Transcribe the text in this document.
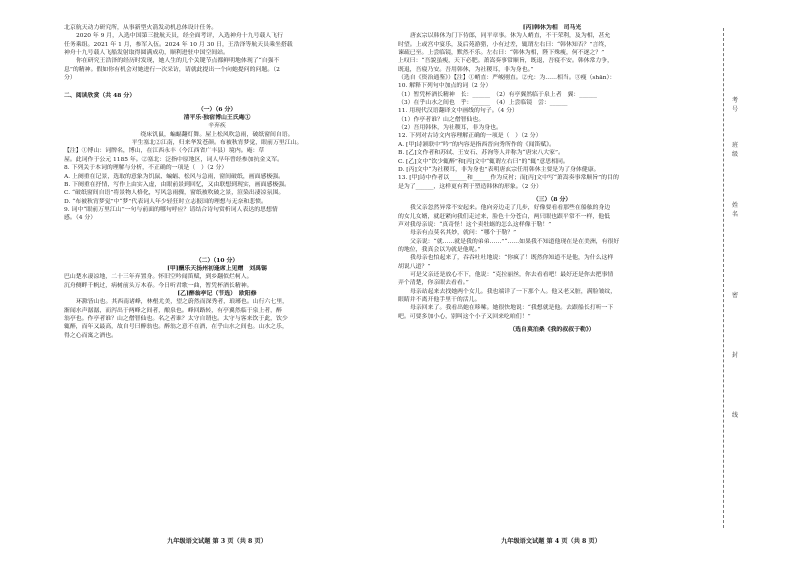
北京航天动力研究所，从事新型火箭发动机总体设计任务。
2020 年 9 月，入选中国第三批航天员，经全面考评，入选神舟十九号载人飞行
任务乘组。2021 年 1 月，参军入伍。2024 年 10 月 30 日，王浩泽等航天员乘坐搭载
神舟十九号载人飞船发射取得圆满成功，顺利进驻中国空间站。
你在研究王浩泽的经历时发现，她人生的几个关键节点都鲜明地体现了“自强不
息”的精神。假如你有机会对她进行一次采访，请就此提出一个向她提问的问题。（2
分）
二、阅读欣赏（共 48 分）
（一）（6 分）
清平乐·独宿博山王氏庵①
辛弃疾
绕床饥鼠，蝙蝠翻灯舞。屋上松风吹急雨，破纸窗间自语。
平生塞北②江南，归来华发苍颜。布被秋宵梦觉，眼前万里江山。
【注】①博山：词牌名，博山，在江西永丰（今江西省广丰县）境内。庵：草
屋。此词作于公元 1185 年。②塞北：泛指中原地区，词人早年曾经参加抗金义军。
8. 下列关于本词的理解与分析，不正确的一项是（　）（2 分）
A. 上阕重在记景，选取的意象为饥鼠、蝙蝠、松风与急雨，窗间破纸，画面感极强。
B. 下阕重在抒情，写作上由实入虚，由眼前景到回忆，又由联想到现实，画面感极强。
C. “破纸窗间自语”将景物人格化，写风急雨骤，窗纸被吹破之景，渲染出凄凉氛围。
D. “布被秋宵梦觉”中“梦”代表词人年少轻狂时立志报国的理想与无奈和悲愤。
9. 词中“眼前万里江山”一句与前面的哪句呼应？请结合诗句赏析词人表达的思想情
感。（4 分）
（二）（10 分）
[甲]酬乐天扬州初逢席上见赠　刘禹锡
巴山楚水凄凉地，二十三年弃置身。怀旧空吟闻笛赋，到乡翻似烂柯人。
沉舟侧畔千帆过，病树前头万木春。今日听君歌一曲，暂凭杯酒长精神。
[乙]醉翁亭记（节选）　欧阳修
环滁皆山也。其西南诸峰，林壑尤美，望之蔚然而深秀者，琅琊也。山行六七里，
渐闻水声潺潺，而泻出于两峰之间者，酿泉也。峰回路转，有亭翼然临于泉上者，醉
翁亭也。作亭者谁？山之僧智仙也。名之者谁？太守自谓也。太守与客来饮于此，饮少
辄醉，而年又最高，故自号曰醉翁也。醉翁之意不在酒，在乎山水之间也。山水之乐，
得之心而寓之酒也。
九年级语文试题 第 3 页（共 8 页）
[丙]韩休为相　司马光
唐玄宗以韩休为门下侍郎，同平章事。休为人峭直，不干荣利，及为相，甚允
时望。上或宫中宴乐，及后苑游猎，小有过差，辄谓左右曰：“韩休知否？”言终，
谏疏已至。上尝临镜，默然不乐。左右曰：“韩休为相，陛下殊瘦，何不逐之？”
上叹曰：“吾貌虽瘦，天下必肥。萧嵩奏事常顺旨，既退，吾寝不安。韩休常力争，
既退，吾寝乃安。吾用韩休，为社稷耳，非为身也。”
（选自《资治通鉴》）【注】①峭直：严峻刚直。②允：为……相当。③瘦（shān）：
10. 解释下列句中加点的词（2 分）
（1）暂凭杯酒长精神　长：______　（2）有亭翼然临于泉上者　翼：______
（3）在乎山水之间也　乎：______　（4）上尝临镜　尝：______
11. 用现代汉语翻译文中画线的句子。（4 分）
（1）作亭者谁？山之僧智仙也。
（2）吾用韩休，为社稷耳，非为身也。
12. 下列对古诗文内容理解正确的一项是（　）（2 分）
A. [甲]诗颔联中“吟”的内容是指西晋向秀所作的《闻笛赋》。
B. [乙]文作者和苏轼、王安石、苏洵等人并称为“唐宋八大家”。
C. [乙]文中“饮少辄醉”和[丙]文中“辄谓左右曰”的“辄”意思相同。
D. [丙]文中“为社稷耳，非为身也”表明唐玄宗任用韩休主要是为了身体健康。
13. [甲]诗中作者以______和______作为反衬；而[丙]文中写“萧嵩奏事常顺旨”的目的
是为了______，这样更有利于塑造韩休的形象。（2 分）
（三）（8 分）
我父亲忽然异常不安起来。他向旁边走了几步，好像要看看那些在船舷的身边
的女儿女婿，就赶紧向我们走过来，脸色十分苍白，两只眼也跟平常不一样，他低
声对我母亲说：“真奇怪！这个卖牡蛎的怎么这样像于勒！”
母亲有点莫名其妙，就问：“哪个于勒？”
父亲说：“就……就是我的弟弟……”“……如果我不知道他现在是在美洲，有很好
的地位，我真会以为就是他呢。”
我母亲也怕起来了，吞吞吐吐地说：“你疯了！既然你知道不是他，为什么这样
胡说八道？”
可是父亲还是放心不下，他说：“克拉丽丝，你去看看吧！最好还是你去把事情
弄个清楚，你亲眼去看看。”
母亲站起来去找她两个女儿。我也端详了一下那个人。他又老又脏，满脸皱纹，
眼睛并不离开他手里干的活儿。
母亲回来了。我看出她在哆嗦。她很快地说：“我想就是他。去跟船长打听一下
吧。可要多加小心，别叫这个小子又回来吃咱们！”
（选自莫泊桑《我的叔叔于勒》）
九年级语文试题 第 4 页（共 8 页）
考
号
班
级
姓
名
密
封
线
